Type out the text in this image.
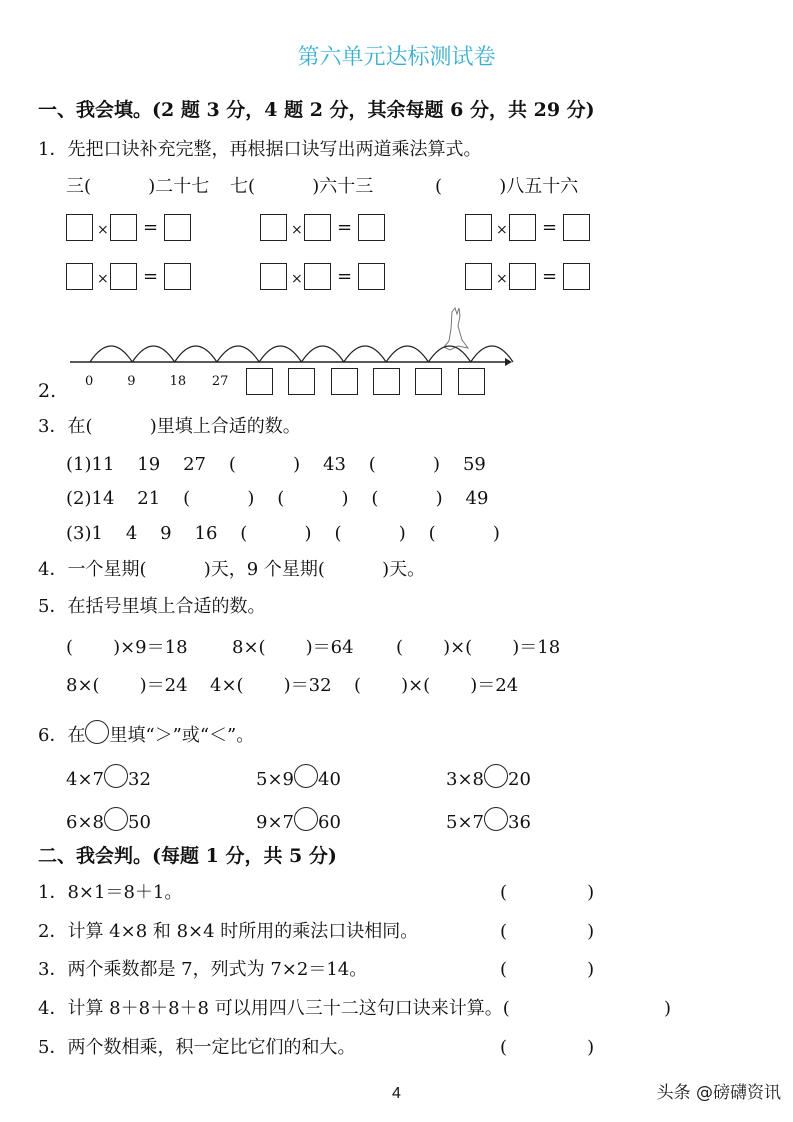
第六单元达标测试卷
一、我会填。(2 题 3 分，4 题 2 分，其余每题 6 分，共 29 分)
1．先把口诀补充完整，再根据口诀写出两道乘法算式。
三(          )二十七 七(          )六十三	(          )八五十六
2.
3．在(          )里填上合适的数。
(1)11    19    27    (          )    43    (          )    59
(2)14    21    (          )    (          )    (          )    49
(3)1    4    9    16    (          )    (          )    (          )
4．一个星期(          )天，9 个星期(          )天。
5．在括号里填上合适的数。
(       )×9＝18 8×(       )＝64 (       )×(       )＝18
8×(       )＝24 4×(       )＝32 (       )×(       )＝24
6．在 里填“＞”或“＜”。
二、我会判。(每题 1 分，共 5 分)
4	头条 @磅礴资讯
× =	× =	× =
× =	× =	× =
0	9	18 27
4×7 32	5×9 40	3×8 20
6×8 50	9×7 60	5×7 36
1．8×1＝8＋1。	(              )
2．计算 4×8 和 8×4 时所用的乘法口诀相同。	(              )
3．两个乘数都是 7，列式为 7×2＝14。	(              )
4．计算 8＋8＋8＋8 可以用四八三十二这句口诀来计算。(	)
5．两个数相乘，积一定比它们的和大。	(              )
